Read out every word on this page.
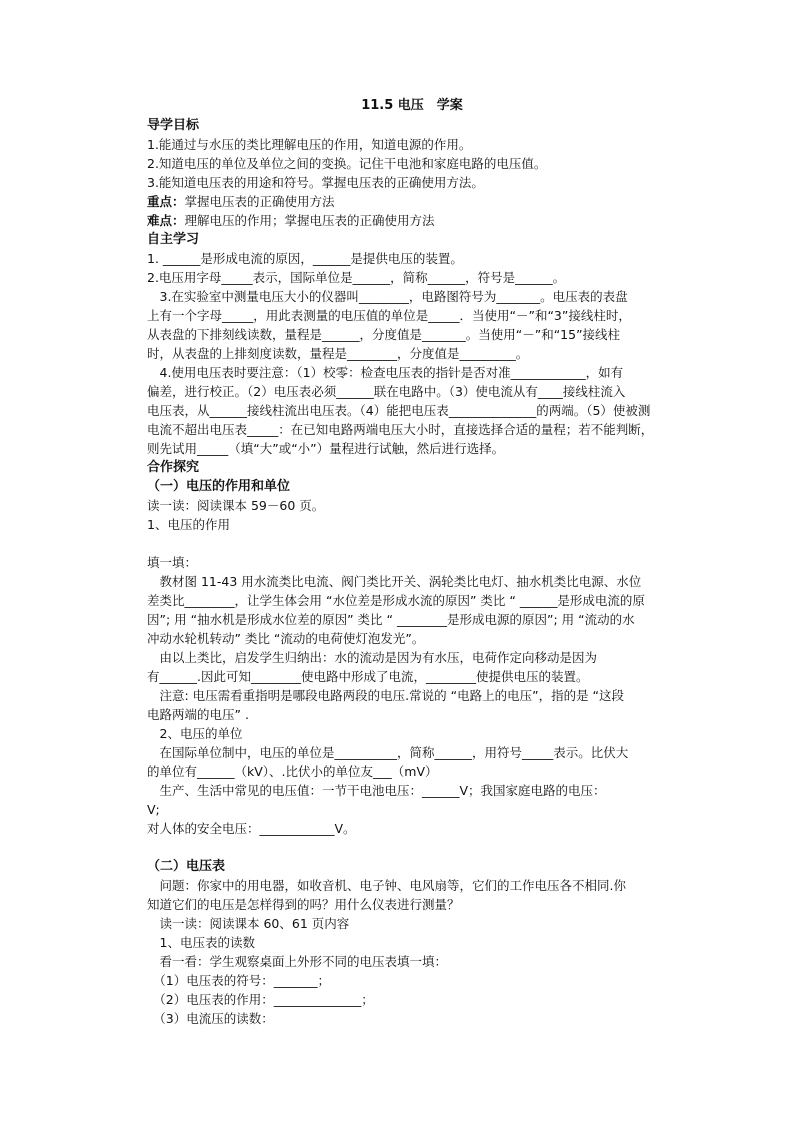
11.5 电压　学案
导学目标
1.能通过与水压的类比理解电压的作用，知道电源的作用。
2.知道电压的单位及单位之间的变换。记住干电池和家庭电路的电压值。
3.能知道电压表的用途和符号。掌握电压表的正确使用方法。
重点：掌握电压表的正确使用方法
难点：理解电压的作用；掌握电压表的正确使用方法
自主学习
1. ______是形成电流的原因，______是提供电压的装置。
2.电压用字母_____表示，国际单位是______，简称______，符号是______。
　3.在实验室中测量电压大小的仪器叫________，电路图符号为_______。电压表的表盘
上有一个字母_____，用此表测量的电压值的单位是_____．当使用“－”和“3”接线柱时，
从表盘的下排刻线读数，量程是______，分度值是_______。当使用“－”和“15”接线柱
时，从表盘的上排刻度读数，量程是________，分度值是_________。
　4.使用电压表时要注意：（1）校零：检查电压表的指针是否对准____________，如有
偏差，进行校正。（2）电压表必须______联在电路中。（3）使电流从有____接线柱流入
电压表，从______接线柱流出电压表。（4）能把电压表______________的两端。（5）使被测
电流不超出电压表_____：在已知电路两端电压大小时，直接选择合适的量程；若不能判断，
则先试用_____（填“大”或“小”）量程进行试触，然后进行选择。
合作探究
（一）电压的作用和单位
读一读：阅读课本 59－60 页。
1、电压的作用
填一填：
　教材图 11-43 用水流类比电流、阀门类比开关、涡轮类比电灯、抽水机类比电源、水位
差类比________，让学生体会用 “水位差是形成水流的原因” 类比 “ ______是形成电流的原
因”; 用 “抽水机是形成水位差的原因” 类比 “ ________是形成电源的原因”; 用 “流动的水
冲动水轮机转动” 类比 “流动的电荷使灯泡发光”。
　由以上类比，启发学生归纳出：水的流动是因为有水压，电荷作定向移动是因为
有______.因此可知________使电路中形成了电流，________使提供电压的装置。
　注意: 电压需看重指明是哪段电路两段的电压.常说的 “电路上的电压”，指的是 “这段
电路两端的电压” .
　2、电压的单位
　在国际单位制中，电压的单位是__________，简称______，用符号_____表示。比伏大
的单位有______（kV）、.比伏小的单位友___（mV）
　生产、生活中常见的电压值：一节干电池电压：______V；我国家庭电路的电压：
V;
对人体的安全电压：____________V。
（二）电压表
　问题：你家中的用电器，如收音机、电子钟、电风扇等，它们的工作电压各不相同.你
知道它们的电压是怎样得到的吗？用什么仪表进行测量？
　读一读：阅读课本 60、61 页内容
　1、电压表的读数
　看一看：学生观察桌面上外形不同的电压表填一填：
　（1）电压表的符号：_______；
　（2）电压表的作用：______________；
　（3）电流压的读数：
